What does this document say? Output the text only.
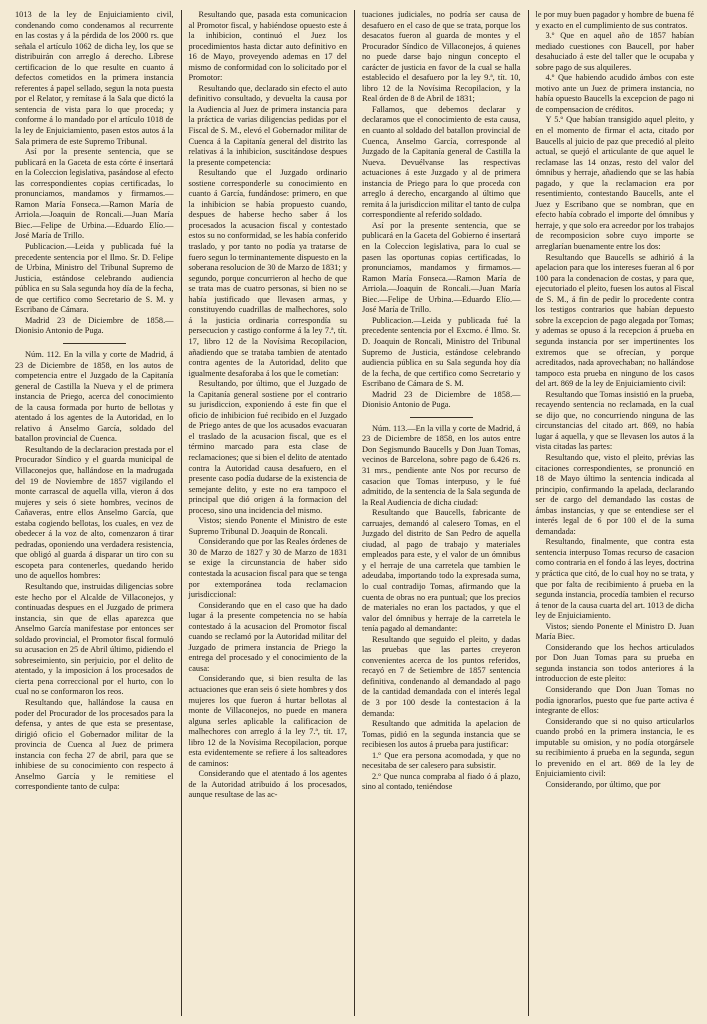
1013 de la ley de Enjuiciamiento civil, condenando como condenamos al recurrente en las costas y á la pérdida de los 2000 rs. que señala el artículo 1062 de dicha ley, los que se distribuirán con arreglo á derecho. Líbrese certificacion de lo que resulte en cuanto á defectos cometidos en la primera instancia referentes á papel sellado, segun la nota puesta por el Relator, y remítase á la Sala que dictó la sentencia de vista para lo que proceda; y conforme á lo mandado por el artículo 1018 de la ley de Enjuiciamiento, pasen estos autos á la Sala primera de este Supremo Tribunal.

Así por la presente sentencia, que se publicará en la Gaceta de esta córte é insertará en la Coleccion legislativa, pasándose al efecto las correspondientes copias certificadas, lo pronunciamos, mandamos y firmamos.—Ramon María Fonseca.—Ramon María de Arriola.—Joaquin de Roncali.—Juan María Biec.—Felipe de Urbina.—Eduardo Elío.—José María de Trillo.

Publicacion.—Leida y publicada fué la precedente sentencia por el Ilmo. Sr. D. Felipe de Urbina, Ministro del Tribunal Supremo de Justicia, estándose celebrando audiencia pública en su Sala segunda hoy día de la fecha, de que certifico como Secretario de S. M. y Escribano de Cámara.

Madrid 23 de Diciembre de 1858.—Dionisio Antonio de Puga.

Núm. 112. En la villa y corte de Madrid, á 23 de Diciembre de 1858, en los autos de competencia entre el Juzgado de la Capitanía general de Castilla la Nueva y el de primera instancia de Priego, acerca del conocimiento de la causa formada por hurto de bellotas y atentado á los agentes de la Autoridad, en lo relativo á Anselmo García, soldado del batallon provincial de Cuenca.

Resultando de la declaracion prestada por el Procurador Síndico y el guarda municipal de Villaconejos que, hallándose en la madrugada del 19 de Noviembre de 1857 vigilando el monte carrascal de aquella villa, vieron á dos mujeres y seis ó siete hombres, vecinos de Cañaveras, entre ellos Anselmo García, que estaba cogiendo bellotas, los cuales, en vez de obedecer á la voz de alto, comenzaron á tirar pedradas, oponiendo una verdadera resistencia, que obligó al guarda á disparar un tiro con su escopeta para contenerles, quedando herido uno de aquellos hombres:

Resultando que, instruidas diligencias sobre este hecho por el Alcalde de Villaconejos, y continuadas despues en el Juzgado de primera instancia, sin que de ellas aparezca que Anselmo García manifestase por entonces ser soldado provincial, el Promotor fiscal formuló su acusacion en 25 de Abril último, pidiendo el sobreseimiento, sin perjuicio, por el delito de atentado, y la imposicion á los procesados de cierta pena correccional por el hurto, con lo cual no se conformaron los reos.

Resultando que, hallándose la causa en poder del Procurador de los procesados para la defensa, y antes de que esta se presentase, dirigió oficio el Gobernador militar de la provincia de Cuenca al Juez de primera instancia con fecha 27 de abril, para que se inhibiese de su conocimiento con respecto á Anselmo García y le remitiese el correspondiente tanto de culpa:

Resultando que, pasada esta comunicacion al Promotor fiscal, y habiéndose opuesto este á la inhibicion, continuó el Juez los procedimientos hasta dictar auto definitivo en 16 de Mayo, proveyendo ademas en 17 del mismo de conformidad con lo solicitado por el Promotor:

Resultando que, declarado sin efecto el auto definitivo consultado, y devuelta la causa por la Audiencia al Juez de primera instancia para la práctica de varias diligencias pedidas por el Fiscal de S. M., elevó el Gobernador militar de Cuenca á la Capitanía general del distrito las relativas á la inhibicion, suscitándose despues la presente competencia:

Resultando que el Juzgado ordinario sostiene corresponderle su conocimiento en cuanto á García, fundándose: primero, en que la inhibicion se había propuesto cuando, despues de haberse hecho saber á los procesados la acusacion fiscal y contestado estos su no conformidad, se les había conferido traslado, y por tanto no podía ya tratarse de fuero segun lo terminantemente dispuesto en la soberana resolucion de 30 de Marzo de 1831; y segundo, porque concurrieron al hecho de que se trata mas de cuatro personas, si bien no se había justificado que llevasen armas, y constituyendo cuadrillas de malhechores, solo á la justicia ordinaria correspondía su persecucion y castigo conforme á la ley 7.ª, tít. 17, libro 12 de la Novísima Recopilacion, añadiendo que se trataba tambien de atentado contra agentes de la Autoridad, delito que igualmente desaforaba á los que le cometían:

Resultando, por último, que el Juzgado de la Capitanía general sostiene por el contrario su jurisdiccion, exponiendo á este fin que el oficio de inhibicion fué recibido en el Juzgado de Priego antes de que los acusados evacuaran el traslado de la acusacion fiscal, que es el término marcado para esta clase de reclamaciones; que si bien el delito de atentado contra la Autoridad causa desafuero, en el presente caso podía dudarse de la existencia de semejante delito, y este no era tampoco el principal que dió origen á la formacion del proceso, sino una incidencia del mismo.

Vistos; siendo Ponente el Ministro de este Supremo Tribunal D. Joaquin de Roncali.

Considerando que por las Reales órdenes de 30 de Marzo de 1827 y 30 de Marzo de 1831 se exige la circunstancia de haber sido contestada la acusacion fiscal para que se tenga por extemporánea toda reclamacion jurisdiccional:

Considerando que en el caso que ha dado lugar á la presente competencia no se había contestado á la acusacion del Promotor fiscal cuando se reclamó por la Autoridad militar del Juzgado de primera instancia de Priego la entrega del procesado y el conocimiento de la causa:

Considerando que, si bien resulta de las actuaciones que eran seis ó siete hombres y dos mujeres los que fueron á hurtar bellotas al monte de Villaconejos, no puede en manera alguna serles aplicable la calificacion de malhechores con arreglo á la ley 7.ª, tít. 17, libro 12 de la Novísima Recopilacion, porque esta evidentemente se refiere á los salteadores de caminos:

Considerando que el atentado á los agentes de la Autoridad atribuido á los procesados, aunque resultase de las ac-

tuaciones judiciales, no podría ser causa de desafuero en el caso de que se trata, porque los desacatos fueron al guarda de montes y el Procurador Síndico de Villaconejos, á quienes no puede darse bajo ningun concepto el carácter de justicia en favor de la cual se halla establecido el desafuero por la ley 9.ª, tít. 10, libro 12 de la Novísima Recopilacion, y la Real órden de 8 de Abril de 1831;

Fallamos, que debemos declarar y declaramos que el conocimiento de esta causa, en cuanto al soldado del batallon provincial de Cuenca, Anselmo García, corresponde al Juzgado de la Capitanía general de Castilla la Nueva. Devuélvanse las respectivas actuaciones á este Juzgado y al de primera instancia de Priego para lo que proceda con arreglo á derecho, encargando al último que remita á la jurisdiccion militar el tanto de culpa correspondiente al referido soldado.

Así por la presente sentencia, que se publicará en la Gaceta del Gobierno é insertará en la Coleccion legislativa, para lo cual se pasen las oportunas copias certificadas, lo pronunciamos, mandamos y firmamos.—Ramon María Fonseca.—Ramon María de Arriola.—Joaquin de Roncali.—Juan María Biec.—Felipe de Urbina.—Eduardo Elío.—José María de Trillo.

Publicacion.—Leida y publicada fué la precedente sentencia por el Excmo. é Ilmo. Sr. D. Joaquin de Roncali, Ministro del Tribunal Supremo de Justicia, estándose celebrando audiencia pública en su Sala segunda hoy día de la fecha, de que certifico como Secretario y Escribano de Cámara de S. M.

Madrid 23 de Diciembre de 1858.—Dionisio Antonio de Puga.

Núm. 113.—En la villa y corte de Madrid, á 23 de Diciembre de 1858, en los autos entre Don Segismundo Baucells y Don Juan Tomas, vecinos de Barcelona, sobre pago de 6.426 rs. 31 mrs., pendiente ante Nos por recurso de casacion que Tomas interpuso, y le fué admitido, de la sentencia de la Sala segunda de la Real Audiencia de dicha ciudad:

Resultando que Baucells, fabricante de carruajes, demandó al calesero Tomas, en el Juzgado del distrito de San Pedro de aquella ciudad, al pago de trabajo y materiales empleados para este, y el valor de un ómnibus y el herraje de una carretela que tambien le adeudaba, importando todo la expresada suma, lo cual contradijo Tomas, afirmando que la cuenta de obras no era puntual; que los precios de materiales no eran los pactados, y que el valor del ómnibus y herraje de la carretela le tenía pagado al demandante:

Resultando que seguido el pleito, y dadas las pruebas que las partes creyeron convenientes acerca de los puntos referidos, recayó en 7 de Setiembre de 1857 sentencia definitiva, condenando al demandado al pago de la cantidad demandada con el interés legal de 3 por 100 desde la contestacion á la demanda:

Resultando que admitida la apelacion de Tomas, pidió en la segunda instancia que se recibiesen los autos á prueba para justificar:

1.º Que era persona acomodada, y que no necesitaba de ser calesero para subsistir.

2.º Que nunca compraba al fiado ó á plazo, sino al contado, teniéndose

le por muy buen pagador y hombre de buena fé y exacto en el cumplimiento de sus contratos.

3.º Que en aquel año de 1857 habían mediado cuestiones con Baucell, por haber desahuciado á este del taller que le ocupaba y sobre pago de sus alquileres.

4.º Que habiendo acudido ámbos con este motivo ante un Juez de primera instancia, no había opuesto Baucells la excepcion de pago ni de compensacion de créditos.

Y 5.º Que habían transigido aquel pleito, y en el momento de firmar el acta, citado por Baucells al juicio de paz que precedió al pleito actual, se quejó el articulante de que aquel le reclamase las 14 onzas, resto del valor del ómnibus y herraje, añadiendo que se las había pagado, y que la reclamacion era por resentimiento, contestando Baucells, ante el Juez y Escribano que se nombran, que en efecto había cobrado el importe del ómnibus y herraje, y que solo era acreedor por los trabajos de recomposicion sobre cuyo importe se arreglarían buenamente entre los dos:

Resultando que Baucells se adhirió á la apelacion para que los intereses fueran al 6 por 100 para la condenacion de costas, y para que, ejecutoriado el pleito, fuesen los autos al Fiscal de S. M., á fin de pedir lo procedente contra los testigos contrarios que habían depuesto sobre la excepcion de pago alegada por Tomas; y ademas se opuso á la recepcion á prueba en segunda instancia por ser impertinentes los extremos que se ofrecían, y porque acreditados, nada aprovechaban; no hallándose tampoco esta prueba en ninguno de los casos del art. 869 de la ley de Enjuiciamiento civil:

Resultando que Tomas insistió en la prueba, recayendo sentencia no reclamada, en la cual se dijo que, no concurriendo ninguna de las circunstancias del citado art. 869, no había lugar á aquella, y que se llevasen los autos á la vista citadas las partes:

Resultando que, visto el pleito, prévias las citaciones correspondientes, se pronunció en 18 de Mayo último la sentencia indicada al principio, confirmando la apelada, declarando ser de cargo del demandado las costas de ámbas instancias, y que se entendiese ser el interés legal de 6 por 100 el de la suma demandada:

Resultando, finalmente, que contra esta sentencia interpuso Tomas recurso de casacion como contraria en el fondo á las leyes, doctrina y práctica que citó, de lo cual hoy no se trata, y que por falta de recibimiento á prueba en la segunda instancia, procedía tambien el recurso á tenor de la causa cuarta del art. 1013 de dicha ley de Enjuiciamiento.

Vistos; siendo Ponente el Ministro D. Juan María Biec.

Considerando que los hechos articulados por Don Juan Tomas para su prueba en segunda instancia son todos anteriores á la introduccion de este pleito:

Considerando que Don Juan Tomas no podía ignorarlos, puesto que fue parte activa é integrante de ellos:

Considerando que si no quiso articularlos cuando probó en la primera instancia, le es imputable su omision, y no podía otorgársele su recibimiento á prueba en la segunda, segun lo prevenido en el art. 869 de la ley de Enjuiciamiento civil:

Considerando, por último, que por
